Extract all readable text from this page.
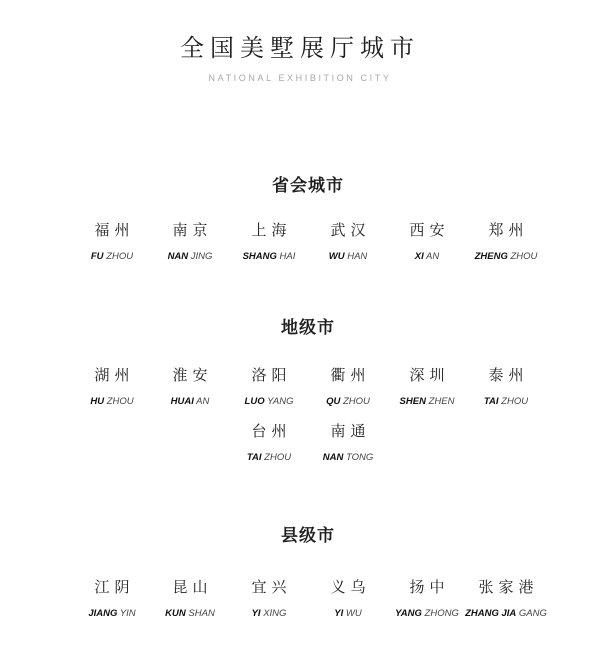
全国美墅展厅城市
NATIONAL EXHIBITION CITY
省会城市
福州
FU ZHOU
南京
NAN JING
上海
SHANG HAI
武汉
WU HAN
西安
XI AN
郑州
ZHENG ZHOU
地级市
湖州
HU ZHOU
淮安
HUAI AN
洛阳
LUO YANG
衢州
QU ZHOU
深圳
SHEN ZHEN
泰州
TAI ZHOU
台州
TAI ZHOU
南通
NAN TONG
县级市
江阴
JIANG YIN
昆山
KUN SHAN
宜兴
YI XING
义乌
YI WU
扬中
YANG ZHONG
张家港
ZHANG JIA GANG
